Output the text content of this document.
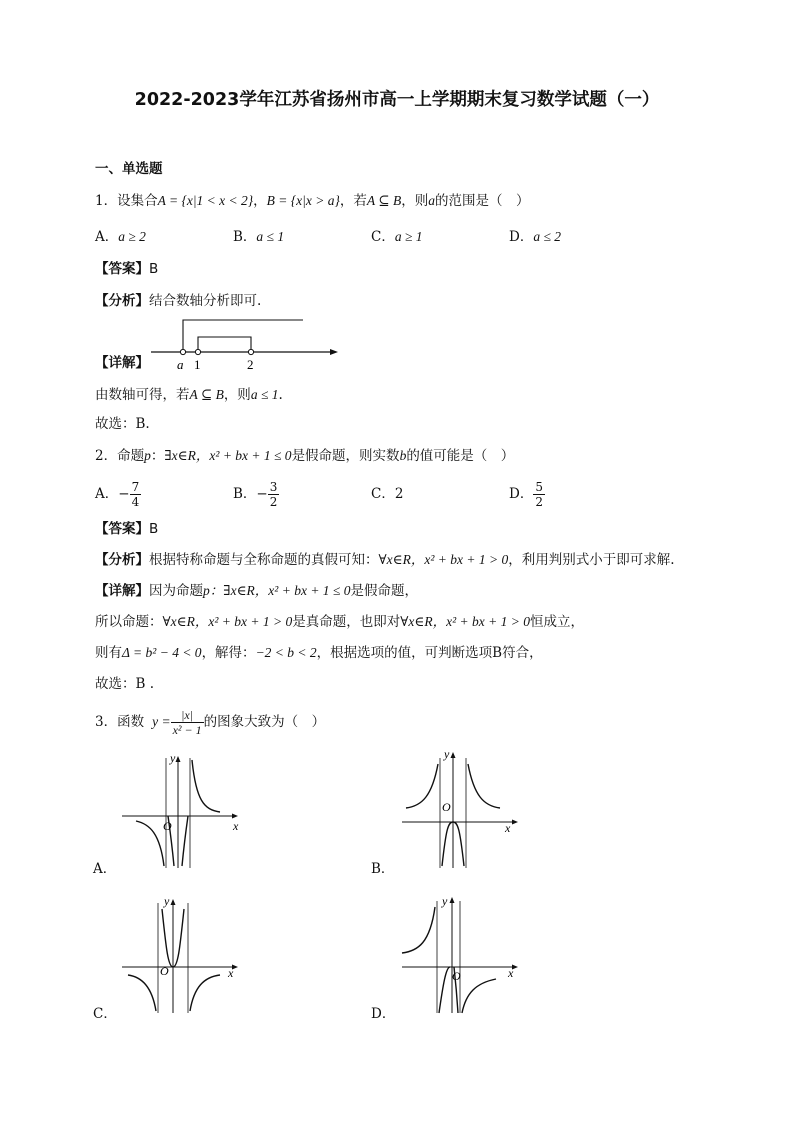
2022-2023学年江苏省扬州市高一上学期期末复习数学试题（一）
一、单选题
1．设集合A = {x|1 < x < 2}，B = {x|x > a}，若A ⊆ B，则a的范围是（　）
A．a ≥ 2	B．a ≤ 1	C．a ≥ 1	D．a ≤ 2
【答案】B
【分析】结合数轴分析即可.
【详解】 a 1	2
由数轴可得，若A ⊆ B，则a ≤ 1.
故选：B.
2．命题p：∃x∈R，x² + bx + 1 ≤ 0是假命题，则实数b的值可能是（　）
A．− $\frac{7}{4}$	B．− $\frac{3}{2}$	C．2	D． $\frac{5}{2}$
【答案】B
【分析】根据特称命题与全称命题的真假可知：∀x∈R，x² + bx + 1 > 0，利用判别式小于即可求解.
【详解】因为命题p：∃x∈R，x² + bx + 1 ≤ 0是假命题，
所以命题：∀x∈R，x² + bx + 1 > 0是真命题，也即对∀x∈R，x² + bx + 1 > 0恒成立，
则有Δ = b² − 4 < 0，解得：−2 < b < 2，根据选项的值，可判断选项B符合，
故选：B .
3．函数 $y = \frac{|x|}{\text{x² − 1}}$ 的图象大致为（　）
x
y
O
A．
x
y
O
B．
x
y
O
C．
x
y
O
D．
